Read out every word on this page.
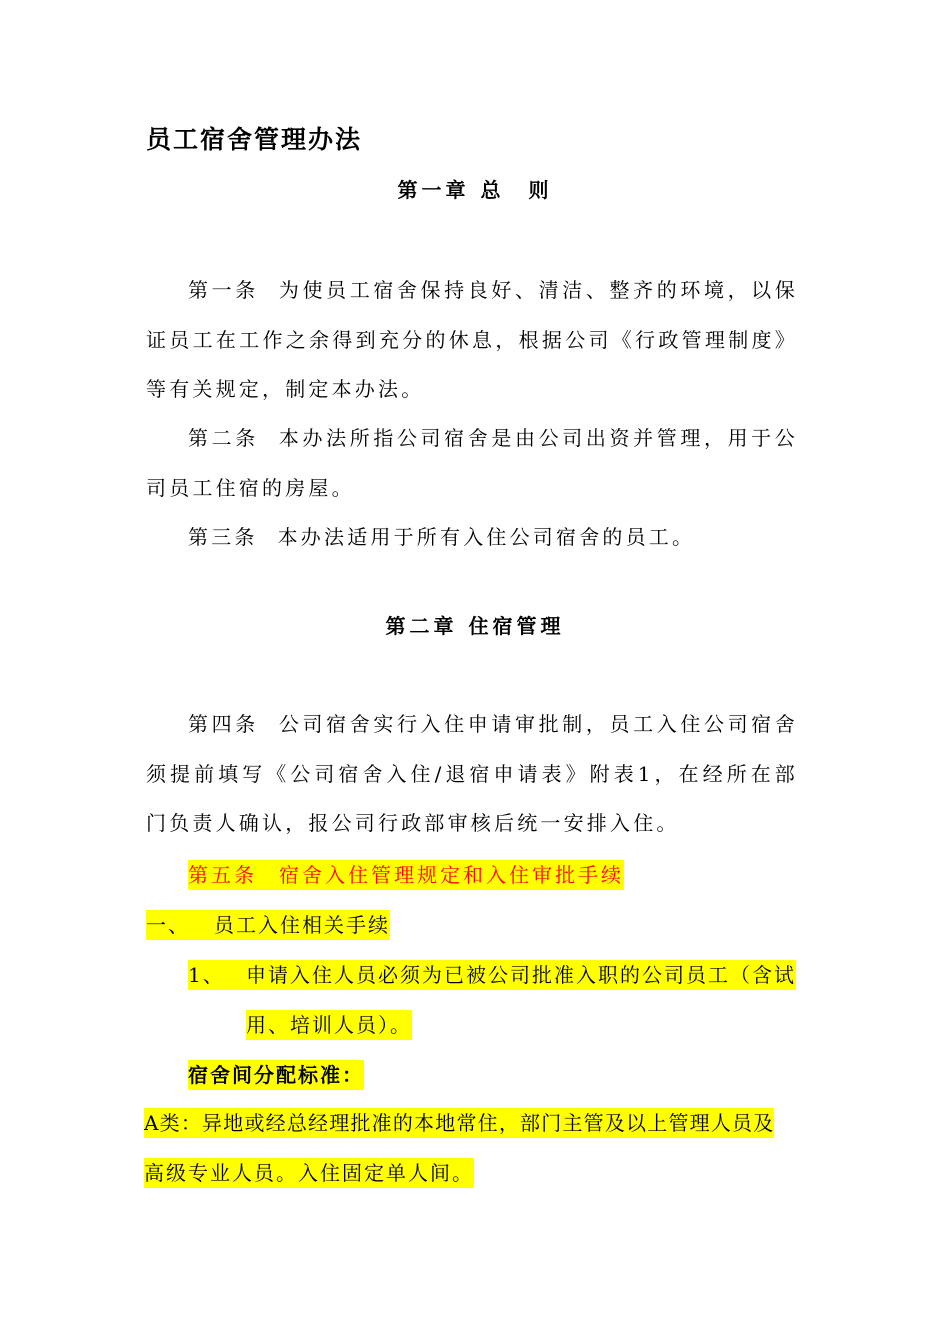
员工宿舍管理办法
第一章 总　则

第一条 为使员工宿舍保持良好、清洁、整齐的环境，以保证员工在工作之余得到充分的休息，根据公司《行政管理制度》等有关规定，制定本办法。

第二条 本办法所指公司宿舍是由公司出资并管理，用于公司员工住宿的房屋。

第三条 本办法适用于所有入住公司宿舍的员工。

第二章 住宿管理

第四条 公司宿舍实行入住申请审批制，员工入住公司宿舍须提前填写《公司宿舍入住/退宿申请表》附表1，在经所在部门负责人确认，报公司行政部审核后统一安排入住。

第五条 宿舍入住管理规定和入住审批手续
一、 员工入住相关手续
1、 申请入住人员必须为已被公司批准入职的公司员工（含试
用、培训人员）。
宿舍间分配标准：
A类：异地或经总经理批准的本地常住，部门主管及以上管理人员及
高级专业人员。入住固定单人间。
